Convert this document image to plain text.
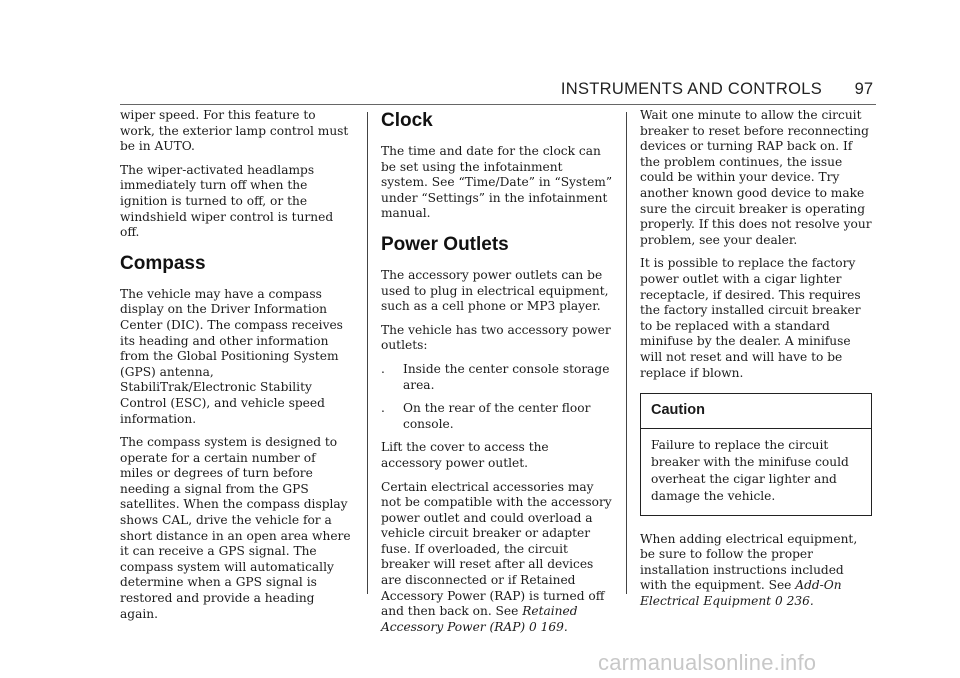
INSTRUMENTS AND CONTROLS 97

wiper speed. For this feature to work, the exterior lamp control must be in AUTO.

The wiper-activated headlamps immediately turn off when the ignition is turned to off, or the windshield wiper control is turned off.

Compass

The vehicle may have a compass display on the Driver Information Center (DIC). The compass receives its heading and other information from the Global Positioning System (GPS) antenna, StabiliTrak/Electronic Stability Control (ESC), and vehicle speed information.

The compass system is designed to operate for a certain number of miles or degrees of turn before needing a signal from the GPS satellites. When the compass display shows CAL, drive the vehicle for a short distance in an open area where it can receive a GPS signal. The compass system will automatically determine when a GPS signal is restored and provide a heading again.

Clock

The time and date for the clock can be set using the infotainment system. See “Time/Date” in “System” under “Settings” in the infotainment manual.

Power Outlets

The accessory power outlets can be used to plug in electrical equipment, such as a cell phone or MP3 player.

The vehicle has two accessory power outlets:

.	Inside the center console storage area.
.	On the rear of the center floor console.

Lift the cover to access the accessory power outlet.

Certain electrical accessories may not be compatible with the accessory power outlet and could overload a vehicle circuit breaker or adapter fuse. If overloaded, the circuit breaker will reset after all devices are disconnected or if Retained Accessory Power (RAP) is turned off and then back on. See Retained Accessory Power (RAP) 0 169.

Wait one minute to allow the circuit breaker to reset before reconnecting devices or turning RAP back on. If the problem continues, the issue could be within your device. Try another known good device to make sure the circuit breaker is operating properly. If this does not resolve your problem, see your dealer.

It is possible to replace the factory power outlet with a cigar lighter receptacle, if desired. This requires the factory installed circuit breaker to be replaced with a standard minifuse by the dealer. A minifuse will not reset and will have to be replace if blown.

Caution
Failure to replace the circuit breaker with the minifuse could overheat the cigar lighter and damage the vehicle.

When adding electrical equipment, be sure to follow the proper installation instructions included with the equipment. See Add-On Electrical Equipment 0 236.

carmanualsonline.info
